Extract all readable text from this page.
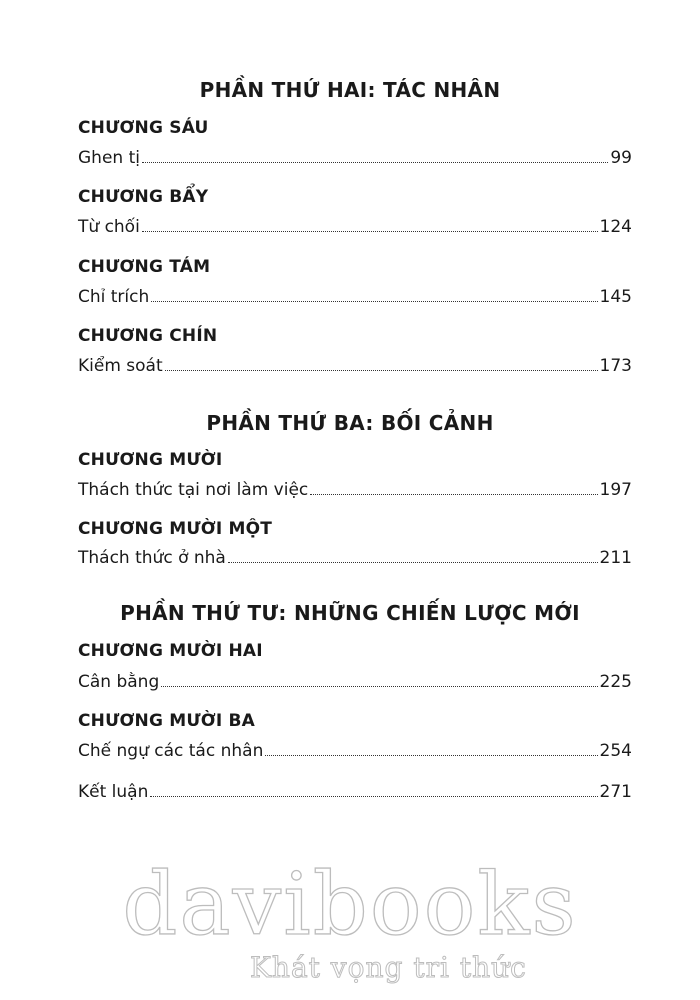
PHẦN THỨ HAI: TÁC NHÂN
CHƯƠNG SÁU
Ghen tị	99
CHƯƠNG BẨY
Từ chối	124
CHƯƠNG TÁM
Chỉ trích	145
CHƯƠNG CHÍN
Kiểm soát	173
PHẦN THỨ BA: BỐI CẢNH
CHƯƠNG MƯỜI
Thách thức tại nơi làm việc	197
CHƯƠNG MƯỜI MỘT
Thách thức ở nhà	211
PHẦN THỨ TƯ: NHỮNG CHIẾN LƯỢC MỚI
CHƯƠNG MƯỜI HAI
Cân bằng	225
CHƯƠNG MƯỜI BA
Chế ngự các tác nhân	254
Kết luận	271
davibooks
Khát vọng tri thức
